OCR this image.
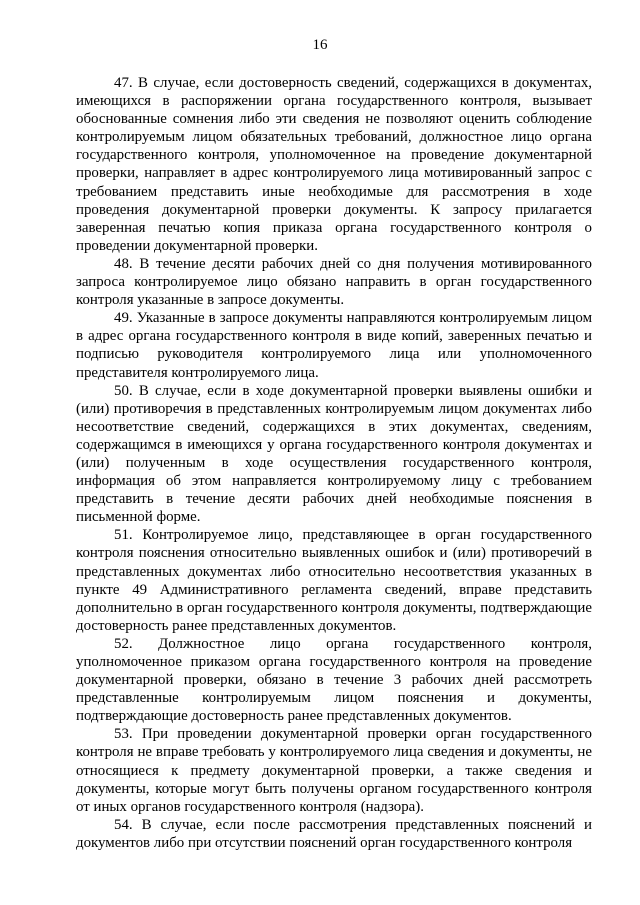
16

47. В случае, если достоверность сведений, содержащихся в документах, имеющихся в распоряжении органа государственного контроля, вызывает обоснованные сомнения либо эти сведения не позволяют оценить соблюдение контролируемым лицом обязательных требований, должностное лицо органа государственного контроля, уполномоченное на проведение документарной проверки, направляет в адрес контролируемого лица мотивированный запрос с требованием представить иные необходимые для рассмотрения в ходе проведения документарной проверки документы. К запросу прилагается заверенная печатью копия приказа органа государственного контроля о проведении документарной проверки.

48. В течение десяти рабочих дней со дня получения мотивированного запроса контролируемое лицо обязано направить в орган государственного контроля указанные в запросе документы.

49. Указанные в запросе документы направляются контролируемым лицом в адрес органа государственного контроля в виде копий, заверенных печатью и подписью руководителя контролируемого лица или уполномоченного представителя контролируемого лица.

50. В случае, если в ходе документарной проверки выявлены ошибки и (или) противоречия в представленных контролируемым лицом документах либо несоответствие сведений, содержащихся в этих документах, сведениям, содержащимся в имеющихся у органа государственного контроля документах и (или) полученным в ходе осуществления государственного контроля, информация об этом направляется контролируемому лицу с требованием представить в течение десяти рабочих дней необходимые пояснения в письменной форме.

51. Контролируемое лицо, представляющее в орган государственного контроля пояснения относительно выявленных ошибок и (или) противоречий в представленных документах либо относительно несоответствия указанных в пункте 49 Административного регламента сведений, вправе представить дополнительно в орган государственного контроля документы, подтверждающие достоверность ранее представленных документов.

52. Должностное лицо органа государственного контроля, уполномоченное приказом органа государственного контроля на проведение документарной проверки, обязано в течение 3 рабочих дней рассмотреть представленные контролируемым лицом пояснения и документы, подтверждающие достоверность ранее представленных документов.

53. При проведении документарной проверки орган государственного контроля не вправе требовать у контролируемого лица сведения и документы, не относящиеся к предмету документарной проверки, а также сведения и документы, которые могут быть получены органом государственного контроля от иных органов государственного контроля (надзора).

54. В случае, если после рассмотрения представленных пояснений и документов либо при отсутствии пояснений орган государственного контроля
